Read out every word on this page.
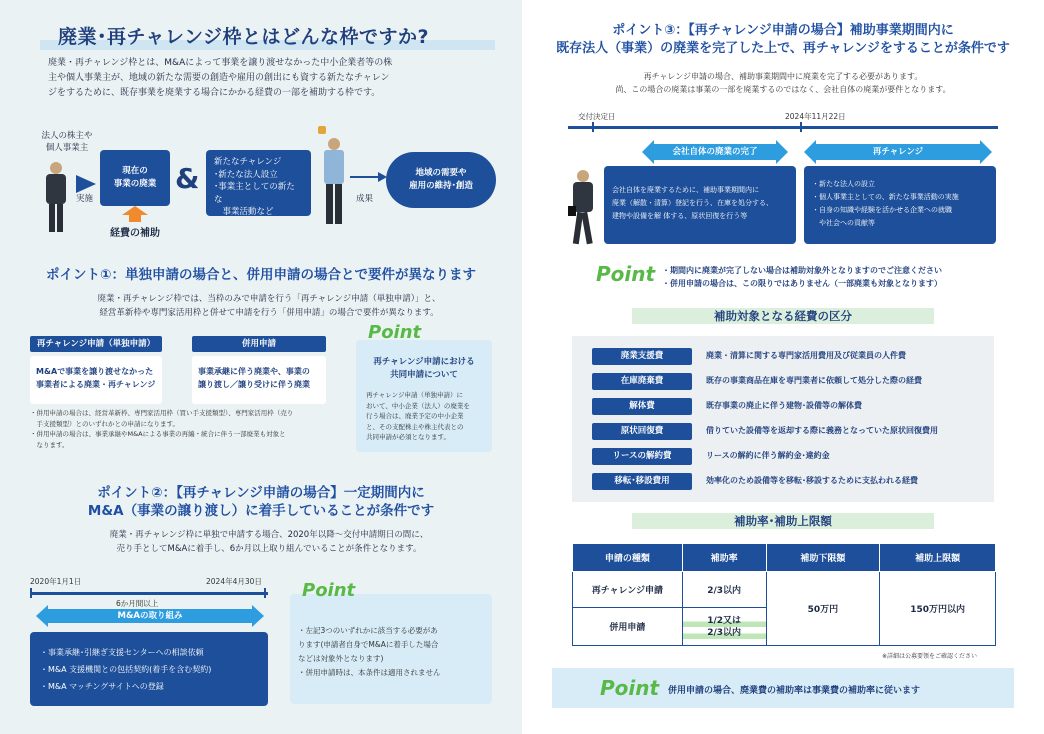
廃業･再チャレンジ枠とはどんな枠ですか?
廃業・再チャレンジ枠とは、M&Aによって事業を譲り渡せなかった中小企業者等の株
主や個人事業主が、地域の新たな需要の創造や雇用の創出にも資する新たなチャレン
ジをするために、既存事業を廃業する場合にかかる経費の一部を補助する枠です。
法人の株主や
個人事業主
実施
現在の
事業の廃業
経費の補助
& 新たなチャレンジ
･新たな法人設立
･事業主としての新たな
　事業活動など
成果
地域の需要や
雇用の維持･創造
ポイント①：単独申請の場合と、併用申請の場合とで要件が異なります
廃業・再チャレンジ枠では、当枠のみで申請を行う「再チャレンジ申請（単独申請）」と、
経営革新枠や専門家活用枠と併せて申請を行う「併用申請」の場合で要件が異なります。
再チャレンジ申請（単独申請）
M&Aで事業を譲り渡せなかった
事業者による廃業・再チャレンジ
併用申請
事業承継に伴う廃業や、事業の
譲り渡し／譲り受けに伴う廃業
・併用申請の場合は、経営革新枠、専門家活用枠（買い手支援類型）、専門家活用枠（売り
　手支援類型）とのいずれかとの申請になります。
・併用申請の場合は、事業承継やM&Aによる事業の再編・統合に伴う一部廃業も対象と
　なります。
Point
再チャレンジ申請における
共同申請について
再チャレンジ申請（単独申請）に
おいて、中小企業（法人）の廃業を
行う場合は、廃業予定の中小企業
と、その支配株主や株主代表との
共同申請が必須となります。
ポイント②：【再チャレンジ申請の場合】一定期間内に
M&A（事業の譲り渡し）に着手していることが条件です
廃業・再チャレンジ枠に単独で申請する場合、2020年以降〜交付申請期日の間に、
売り手としてM&Aに着手し、6か月以上取り組んでいることが条件となります。
2020年1月1日	2024年4月30日
6か月間以上
M&Aの取り組み
・事業承継･引継ぎ支援センターへの相談依頼
・M&A 支援機関との包括契約(着手を含む契約)
・M&A マッチングサイトへの登録
Point
・左記3つのいずれかに該当する必要があ
ります(申請者自身でM&Aに着手した場合
などは対象外となります)
・併用申請時は、本条件は適用されません
ポイント③：【再チャレンジ申請の場合】補助事業期間内に
既存法人（事業）の廃業を完了した上で、再チャレンジをすることが条件です
再チャレンジ申請の場合、補助事業期間中に廃業を完了する必要があります。
尚、この場合の廃業は事業の一部を廃業するのではなく、会社自体の廃業が要件となります。
交付決定日	2024年11月22日
会社自体の廃業の完了	再チャレンジ
会社自体を廃業するために、補助事業期間内に
廃業（解散・清算）登記を行う、在庫を処分する、
建物や設備を解 体する、原状回復を行う等
・新たな法人の設立
・個人事業主としての、新たな事業活動の実施
・自身の知識や経験を活かせる企業への就職
　や社会への貢献等
Point ・期間内に廃業が完了しない場合は補助対象外となりますのでご注意ください
・併用申請の場合は、この限りではありません（一部廃業も対象となります）
補助対象となる経費の区分
廃業支援費	廃業・清算に関する専門家活用費用及び従業員の人件費
在庫廃棄費	既存の事業商品在庫を専門業者に依頼して処分した際の経費
解体費	既存事業の廃止に伴う建物･設備等の解体費
原状回復費	借りていた設備等を返却する際に義務となっていた原状回復費用
リースの解約費	リースの解約に伴う解約金･違約金
移転･移設費用	効率化のため設備等を移転･移設するために支払われる経費
補助率･補助上限額
申請の種類	補助率	補助下限額	補助上限額
再チャレンジ申請	2/3以内	50万円	150万円以内
併用申請	1/2又は
2/3以内		
※詳細は公募要領をご確認ください
Point 併用申請の場合、廃業費の補助率は事業費の補助率に従います
